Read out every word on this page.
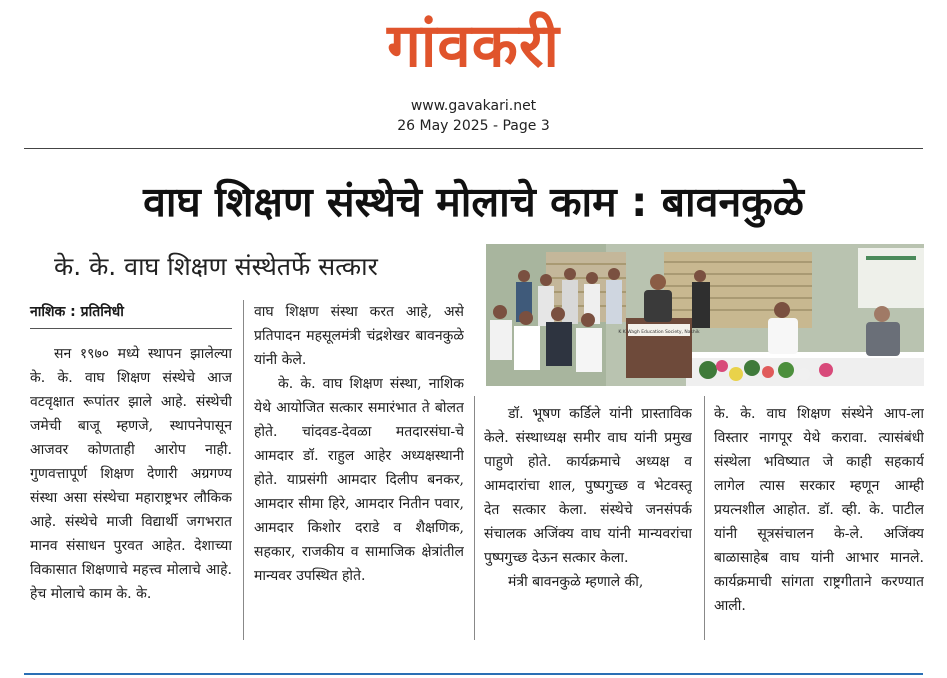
गांवकरी
www.gavakari.net
26 May 2025 - Page 3
वाघ शिक्षण संस्थेचे मोलाचे काम : बावनकुळे
के. के. वाघ शिक्षण संस्थेतर्फे सत्कार
K K Wagh Education Society, Nashik
नाशिक : प्रतिनिधी

सन १९७० मध्ये स्थापन झालेल्या के. के. वाघ शिक्षण संस्थेचे आज वटवृक्षात रूपांतर झाले आहे. संस्थेची जमेची बाजू म्हणजे, स्थापनेपासून आजवर कोणताही आरोप नाही. गुणवत्तापूर्ण शिक्षण देणारी अग्रगण्य संस्था असा संस्थेचा महाराष्ट्रभर लौकिक आहे. संस्थेचे माजी विद्यार्थी जगभरात मानव संसाधन पुरवत आहेत. देशाच्या विकासात शिक्षणाचे महत्त्व मोलाचे आहे. हेच मोलाचे काम के. के.

वाघ शिक्षण संस्था करत आहे, असे प्रतिपादन महसूलमंत्री चंद्रशेखर बावनकुळे यांनी केले.

के. के. वाघ शिक्षण संस्था, नाशिक येथे आयोजित सत्कार समारंभात ते बोलत होते. चांदवड-देवळा मतदारसंघा-चे आमदार डॉ. राहुल आहेर अध्यक्षस्थानी होते. याप्रसंगी आमदार दिलीप बनकर, आमदार सीमा हिरे, आमदार नितीन पवार, आमदार किशोर दराडे व शैक्षणिक, सहकार, राजकीय व सामाजिक क्षेत्रांतील मान्यवर उपस्थित होते.

डॉ. भूषण कर्डिले यांनी प्रास्ताविक केले. संस्थाध्यक्ष समीर वाघ यांनी प्रमुख पाहुणे होते. कार्यक्रमाचे अध्यक्ष व आमदारांचा शाल, पुष्पगुच्छ व भेटवस्तू देत सत्कार केला. संस्थेचे जनसंपर्क संचालक अजिंक्य वाघ यांनी मान्यवरांचा पुष्पगुच्छ देऊन सत्कार केला.

मंत्री बावनकुळे म्हणाले की,

के. के. वाघ शिक्षण संस्थेने आप-ला विस्तार नागपूर येथे करावा. त्यासंबंधी संस्थेला भविष्यात जे काही सहकार्य लागेल त्यास सरकार म्हणून आम्ही प्रयत्नशील आहोत. डॉ. व्ही. के. पाटील यांनी सूत्रसंचालन के-ले. अजिंक्य बाळासाहेब वाघ यांनी आभार मानले. कार्यक्रमाची सांगता राष्ट्रगीताने करण्यात आली.
